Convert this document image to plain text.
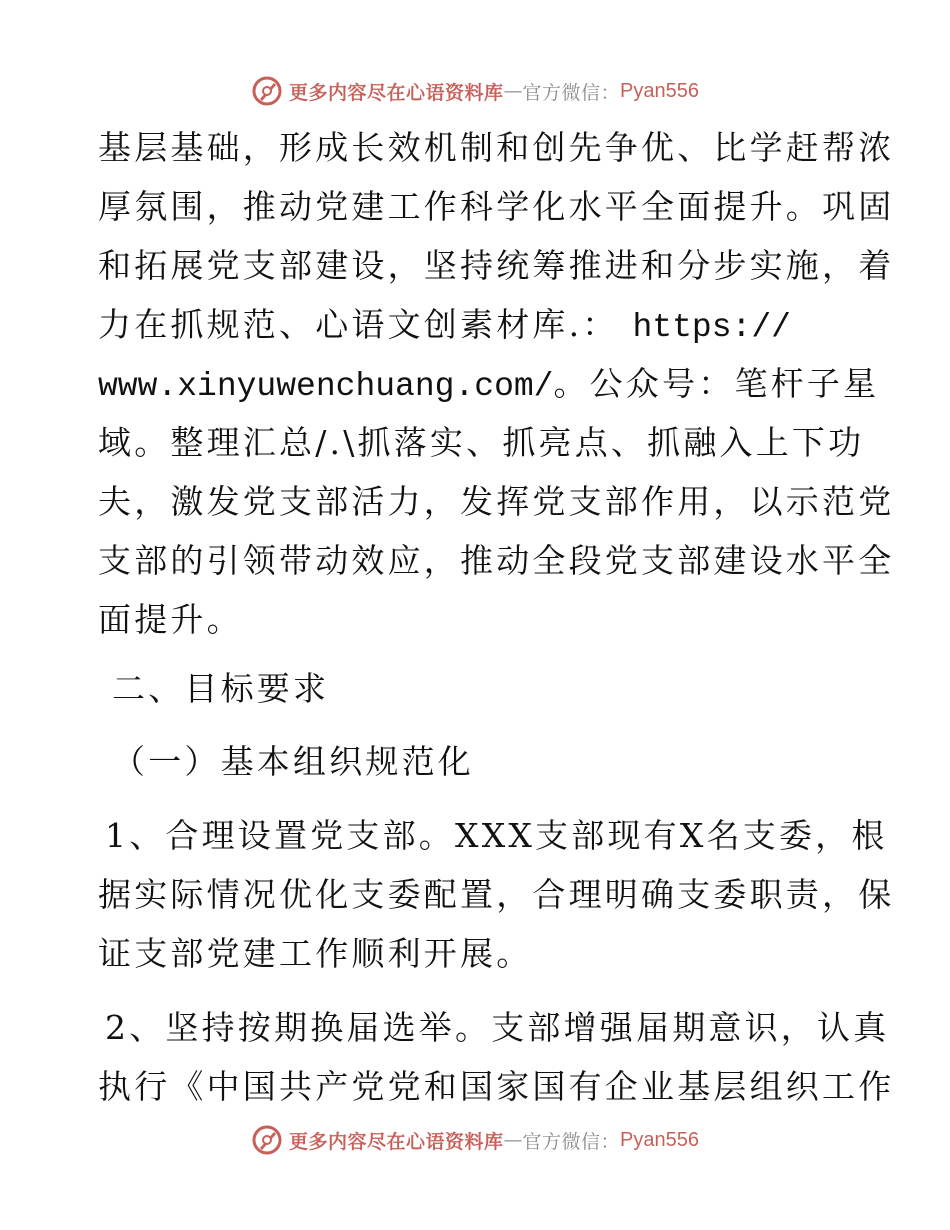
更多内容尽在心语资料库 — 官方微信： Pyan556
基层基础，形成长效机制和创先争优、比学赶帮浓
厚氛围，推动党建工作科学化水平全面提升。巩固
和拓展党支部建设，坚持统筹推进和分步实施，着
力在抓规范、心语文创素材库.： https://
www.xinyuwenchuang.com/。公众号：笔杆子星
域。整理汇总/.\抓落实、抓亮点、抓融入上下功
夫，激发党支部活力，发挥党支部作用，以示范党
支部的引领带动效应，推动全段党支部建设水平全
面提升。
二、目标要求
（一）基本组织规范化
1、合理设置党支部。XXX支部现有X名支委，根
据实际情况优化支委配置，合理明确支委职责，保
证支部党建工作顺利开展。
2、坚持按期换届选举。支部增强届期意识，认真
执行《中国共产党党和国家国有企业基层组织工作
更多内容尽在心语资料库 — 官方微信： Pyan556
